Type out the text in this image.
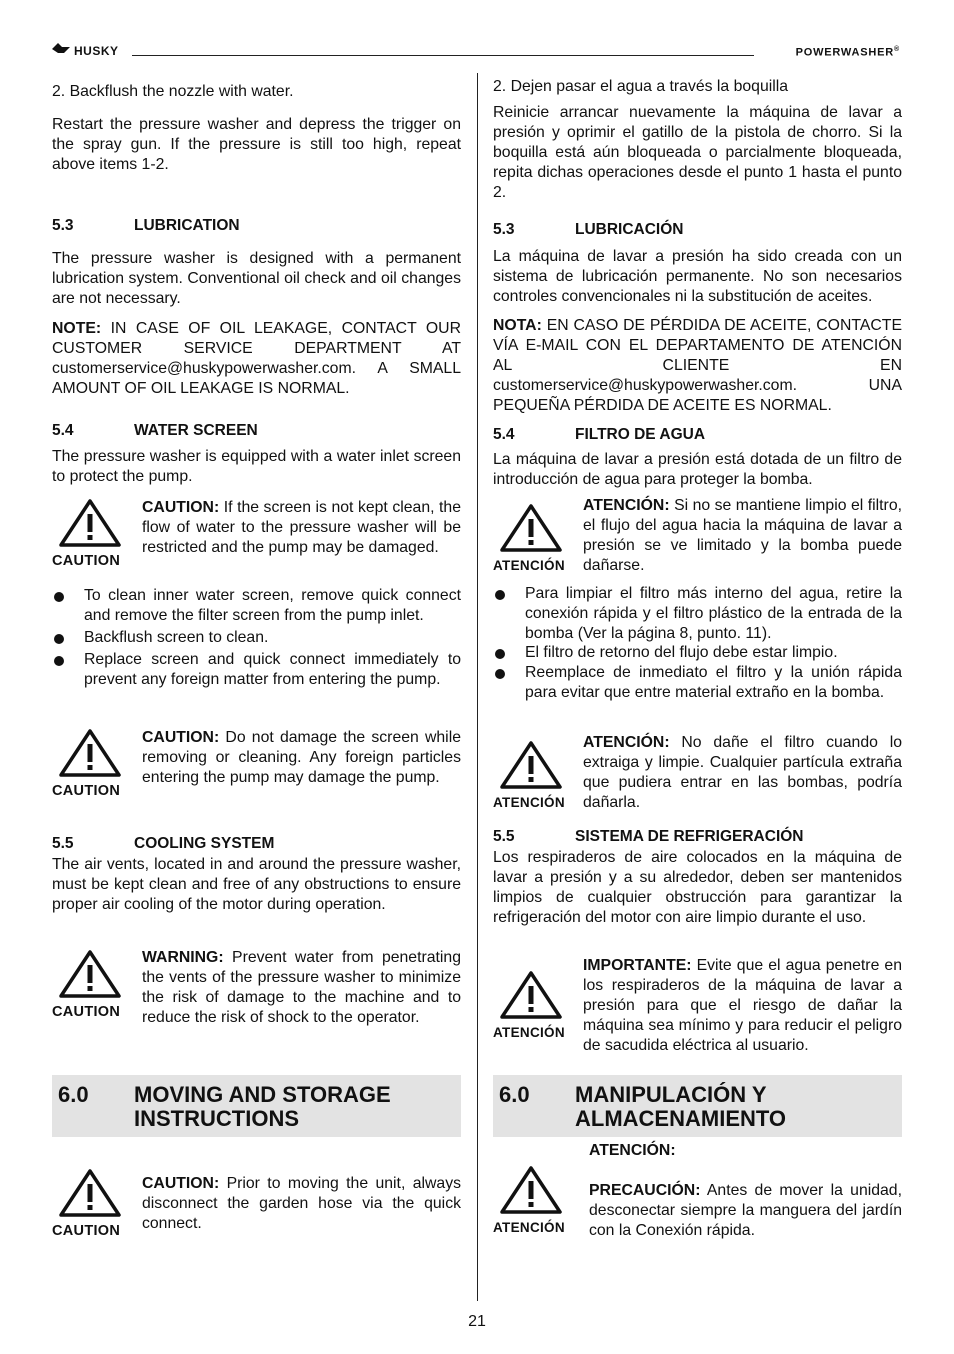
HUSKY	POWERWASHER®

2. Backflush the nozzle with water.

Restart the pressure washer and depress the trigger on the spray gun. If the pressure is still too high, repeat above items 1-2.

5.3	LUBRICATION

The pressure washer is designed with a permanent lubrication system. Conventional oil check and oil changes are not necessary.

NOTE: IN CASE OF OIL LEAKAGE, CONTACT OUR CUSTOMER SERVICE DEPARTMENT AT customerservice@huskypowerwasher.com. A SMALL AMOUNT OF OIL LEAKAGE IS NORMAL.

5.4	WATER SCREEN

The pressure washer is equipped with a water inlet screen to protect the pump.

CAUTION

CAUTION: If the screen is not kept clean, the flow of water to the pressure washer will be restricted and the pump may be damaged.

To clean inner water screen, remove quick connect and remove the filter screen from the pump inlet.
Backflush screen to clean.
Replace screen and quick connect immediately to prevent any foreign matter from entering the pump.
CAUTION

CAUTION: Do not damage the screen while removing or cleaning. Any foreign particles entering the pump may damage the pump.

5.5	COOLING SYSTEM

The air vents, located in and around the pressure washer, must be kept clean and free of any obstructions to ensure proper air cooling of the motor during operation.

CAUTION

WARNING: Prevent water from penetrating the vents of the pressure washer to minimize the risk of damage to the machine and to reduce the risk of shock to the operator.

6.0 MOVING AND STORAGE INSTRUCTIONS
CAUTION

CAUTION: Prior to moving the unit, always disconnect the garden hose via the quick connect.

2. Dejen pasar el agua a través la boquilla

Reinicie arrancar nuevamente la máquina de lavar a presión y oprimir el gatillo de la pistola de chorro. Si la boquilla está aún bloqueada o parcialmente bloqueada, repita dichas operaciones desde el punto 1 hasta el punto 2.

5.3	LUBRICACIÓN

La máquina de lavar a presión ha sido creada con un sistema de lubricación permanente. No son necesarios controles convencionales ni la substitución de aceites.

NOTA: EN CASO DE PÉRDIDA DE ACEITE, CONTACTE VÍA E-MAIL CON EL DEPARTAMENTO DE ATENCIÓN AL CLIENTE EN customerservice@huskypowerwasher.com. UNA PEQUEÑA PÉRDIDA DE ACEITE ES NORMAL.

5.4	FILTRO DE AGUA

La máquina de lavar a presión está dotada de un filtro de introducción de agua para proteger la bomba.

ATENCIÓN

ATENCIÓN: Si no se mantiene limpio el filtro, el flujo del agua hacia la máquina de lavar a presión se ve limitado y la bomba puede dañarse.

Para limpiar el filtro más interno del agua, retire la conexión rápida y el filtro plástico de la entrada de la bomba (Ver la página 8, punto. 11).
El filtro de retorno del flujo debe estar limpio.
Reemplace de inmediato el filtro y la unión rápida para evitar que entre material extraño en la bomba.
ATENCIÓN

ATENCIÓN: No dañe el filtro cuando lo extraiga y limpie. Cualquier partícula extraña que pudiera entrar en las bombas, podría dañarla.

5.5	SISTEMA DE REFRIGERACIÓN

Los respiraderos de aire colocados en la máquina de lavar a presión y a su alrededor, deben ser mantenidos limpios de cualquier obstrucción para garantizar la refrigeración del motor con aire limpio durante el uso.

ATENCIÓN

IMPORTANTE: Evite que el agua penetre en los respiraderos de la máquina de lavar a presión para que el riesgo de dañar la máquina sea mínimo y para reducir el peligro de sacudida eléctrica al usuario.

6.0 MANIPULACIÓN Y ALMACENAMIENTO

ATENCIÓN:

ATENCIÓN

PRECAUCIÓN: Antes de mover la unidad, desconectar siempre la manguera del jardín con la Conexión rápida.

21
